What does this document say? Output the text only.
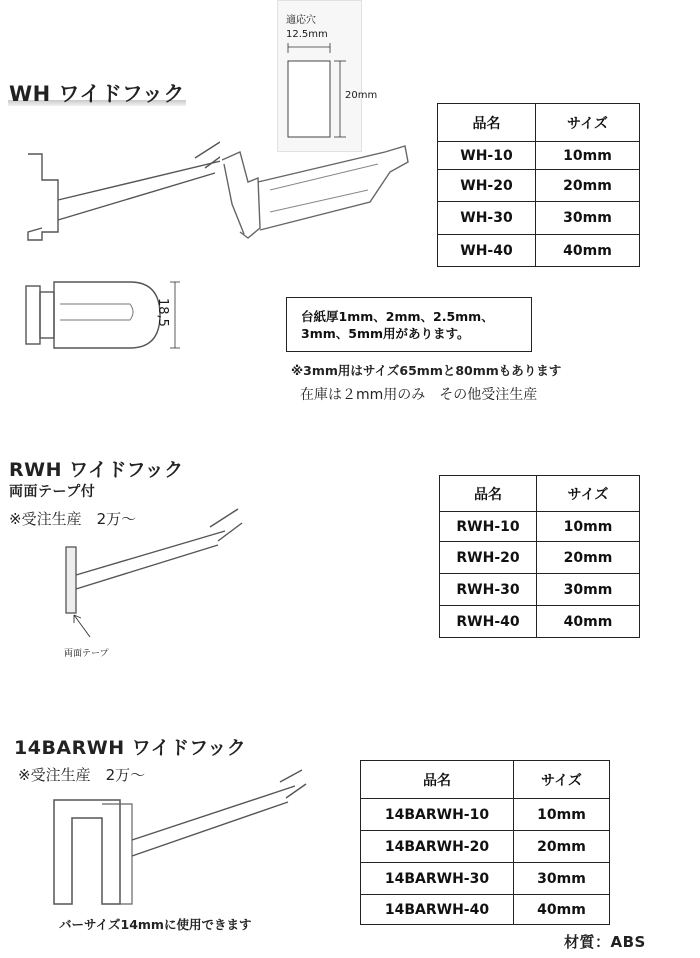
適応穴
12.5mm
20mm
WH ワイドフック
18,5
品名	サイズ
WH-10	10mm
WH-20	20mm
WH-30	30mm
WH-40	40mm
台紙厚1mm、2mm、2.5mm、
3mm、5mm用があります。
※3mm用はサイズ65mmと80mmもあります
在庫は２mm用のみ　その他受注生産
RWH ワイドフック
両面テープ付
※受注生産　2万～
両面テープ
品名	サイズ
RWH-10	10mm
RWH-20	20mm
RWH-30	30mm
RWH-40	40mm
14BARWH ワイドフック
※受注生産　2万～
バーサイズ14mmに使用できます
品名	サイズ
14BARWH-10	10mm
14BARWH-20	20mm
14BARWH-30	30mm
14BARWH-40	40mm
材質：ABS
